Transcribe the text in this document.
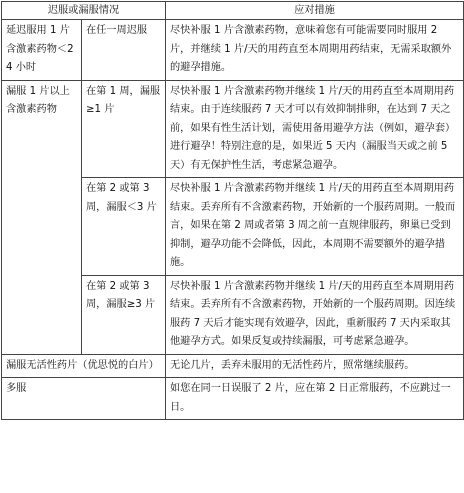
迟服或漏服情况		应对措施
延迟服用 1 片含激素药物＜24 小时	在任一周迟服	尽快补服 1 片含激素药物，意味着您有可能需要同时服用 2 片，并继续 1 片/天的用药直至本周期用药结束，无需采取额外的避孕措施。
漏服 1 片以上含激素药物	在第 1 周，漏服≥1 片	尽快补服 1 片含激素药物并继续 1 片/天的用药直至本周期用药结束。由于连续服药 7 天才可以有效抑制排卵，在达到 7 天之前，如果有性生活计划，需使用备用避孕方法（例如，避孕套）进行避孕！特别注意的是，如果近 5 天内（漏服当天或之前 5 天）有无保护性生活，考虑紧急避孕。
	在第 2 或第 3 周，漏服＜3 片	尽快补服 1 片含激素药物并继续 1 片/天的用药直至本周期用药结束。丢弃所有不含激素药物，开始新的一个服药周期。一般而言，如果在第 2 周或者第 3 周之前一直规律服药，卵巢已受到抑制，避孕功能不会降低，因此，本周期不需要额外的避孕措施。
	在第 2 或第 3 周，漏服≥3 片	尽快补服 1 片含激素药物并继续 1 片/天的用药直至本周期用药结束。丢弃所有不含激素药物，开始新的一个服药周期。因连续服药 7 天后才能实现有效避孕，因此，重新服药 7 天内采取其他避孕方式。如果反复或持续漏服，可考虑紧急避孕。
漏服无活性药片（优思悦的白片）		无论几片，丢弃未服用的无活性药片，照常继续服药。
多服		如您在同一日误服了 2 片，应在第 2 日正常服药，不应跳过一日。
